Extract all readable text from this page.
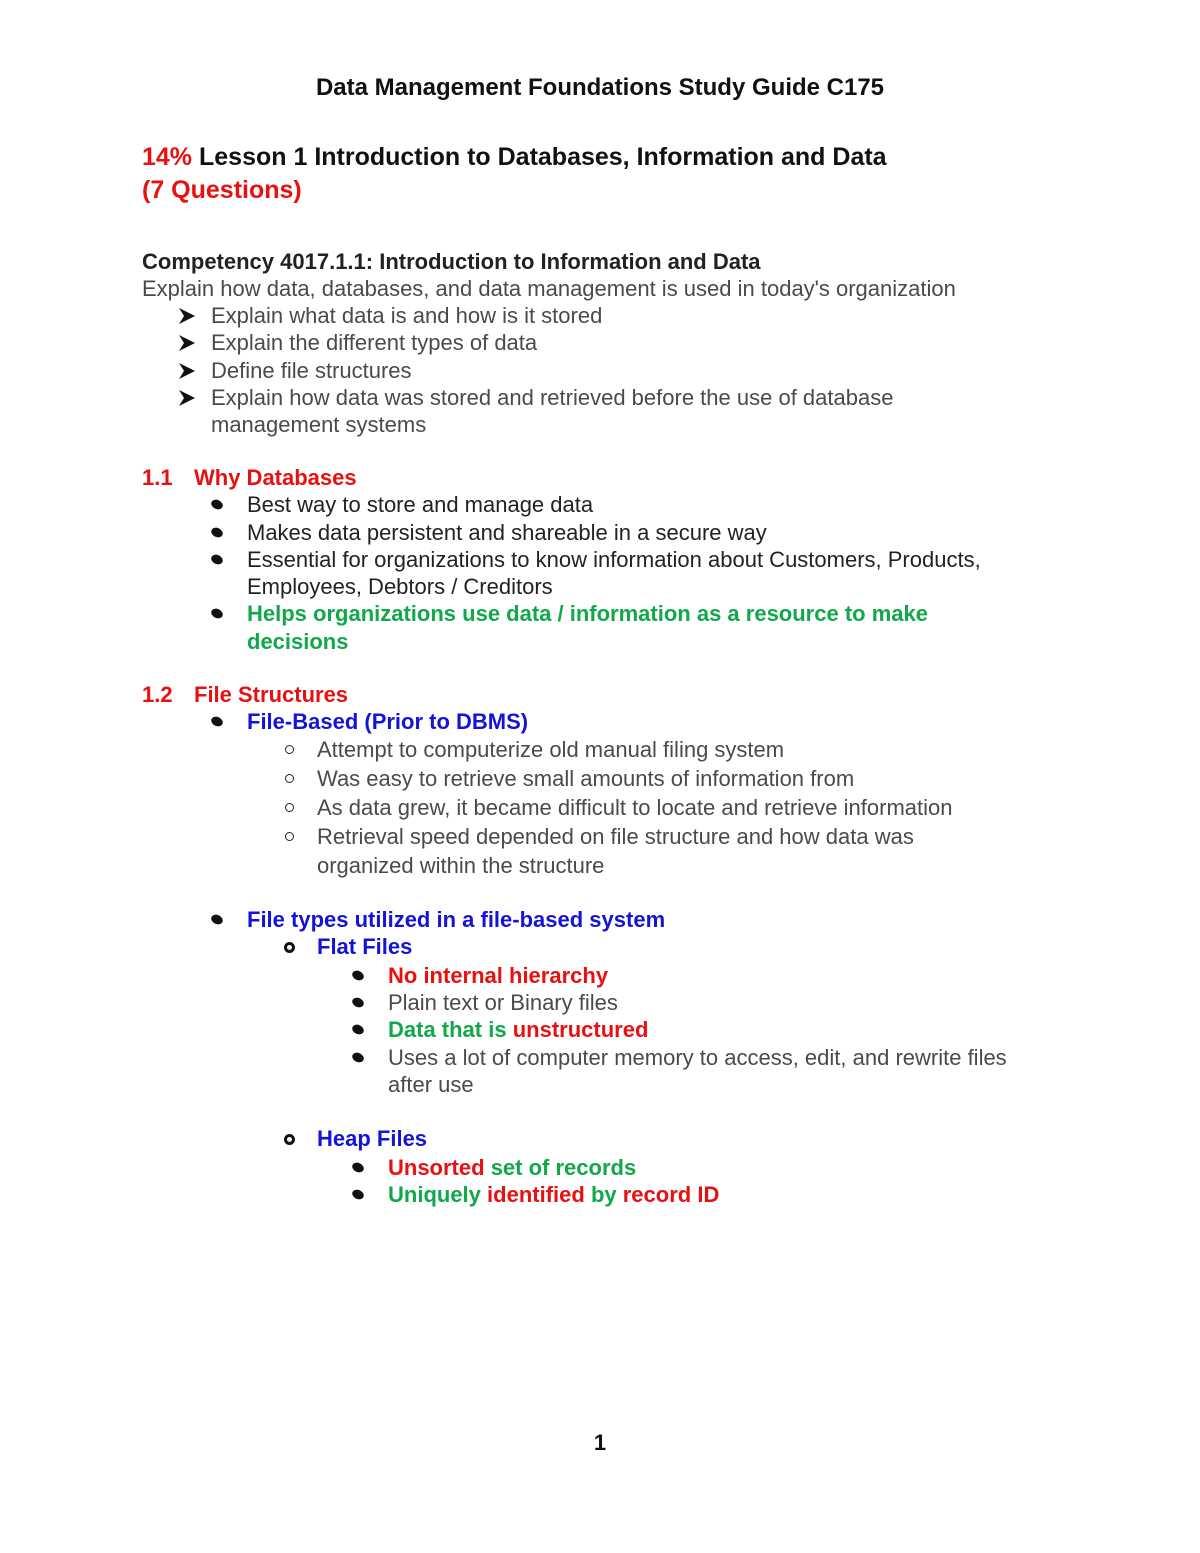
Data Management Foundations Study Guide C175
14% Lesson 1 Introduction to Databases, Information and Data
(7 Questions)
Competency 4017.1.1: Introduction to Information and Data
Explain how data, databases, and data management is used in today's organization
Explain what data is and how is it stored
Explain the different types of data
Define file structures
Explain how data was stored and retrieved before the use of database
management systems
1.1 Why Databases
Best way to store and manage data
Makes data persistent and shareable in a secure way
Essential for organizations to know information about Customers, Products,
Employees, Debtors / Creditors
Helps organizations use data / information as a resource to make
decisions
1.2 File Structures
File-Based (Prior to DBMS)
Attempt to computerize old manual filing system
Was easy to retrieve small amounts of information from
As data grew, it became difficult to locate and retrieve information
Retrieval speed depended on file structure and how data was
organized within the structure
File types utilized in a file-based system
Flat Files
No internal hierarchy
Plain text or Binary files
Data that is unstructured
Uses a lot of computer memory to access, edit, and rewrite files
after use
Heap Files
Unsorted set of records
Uniquely identified by record ID
1
